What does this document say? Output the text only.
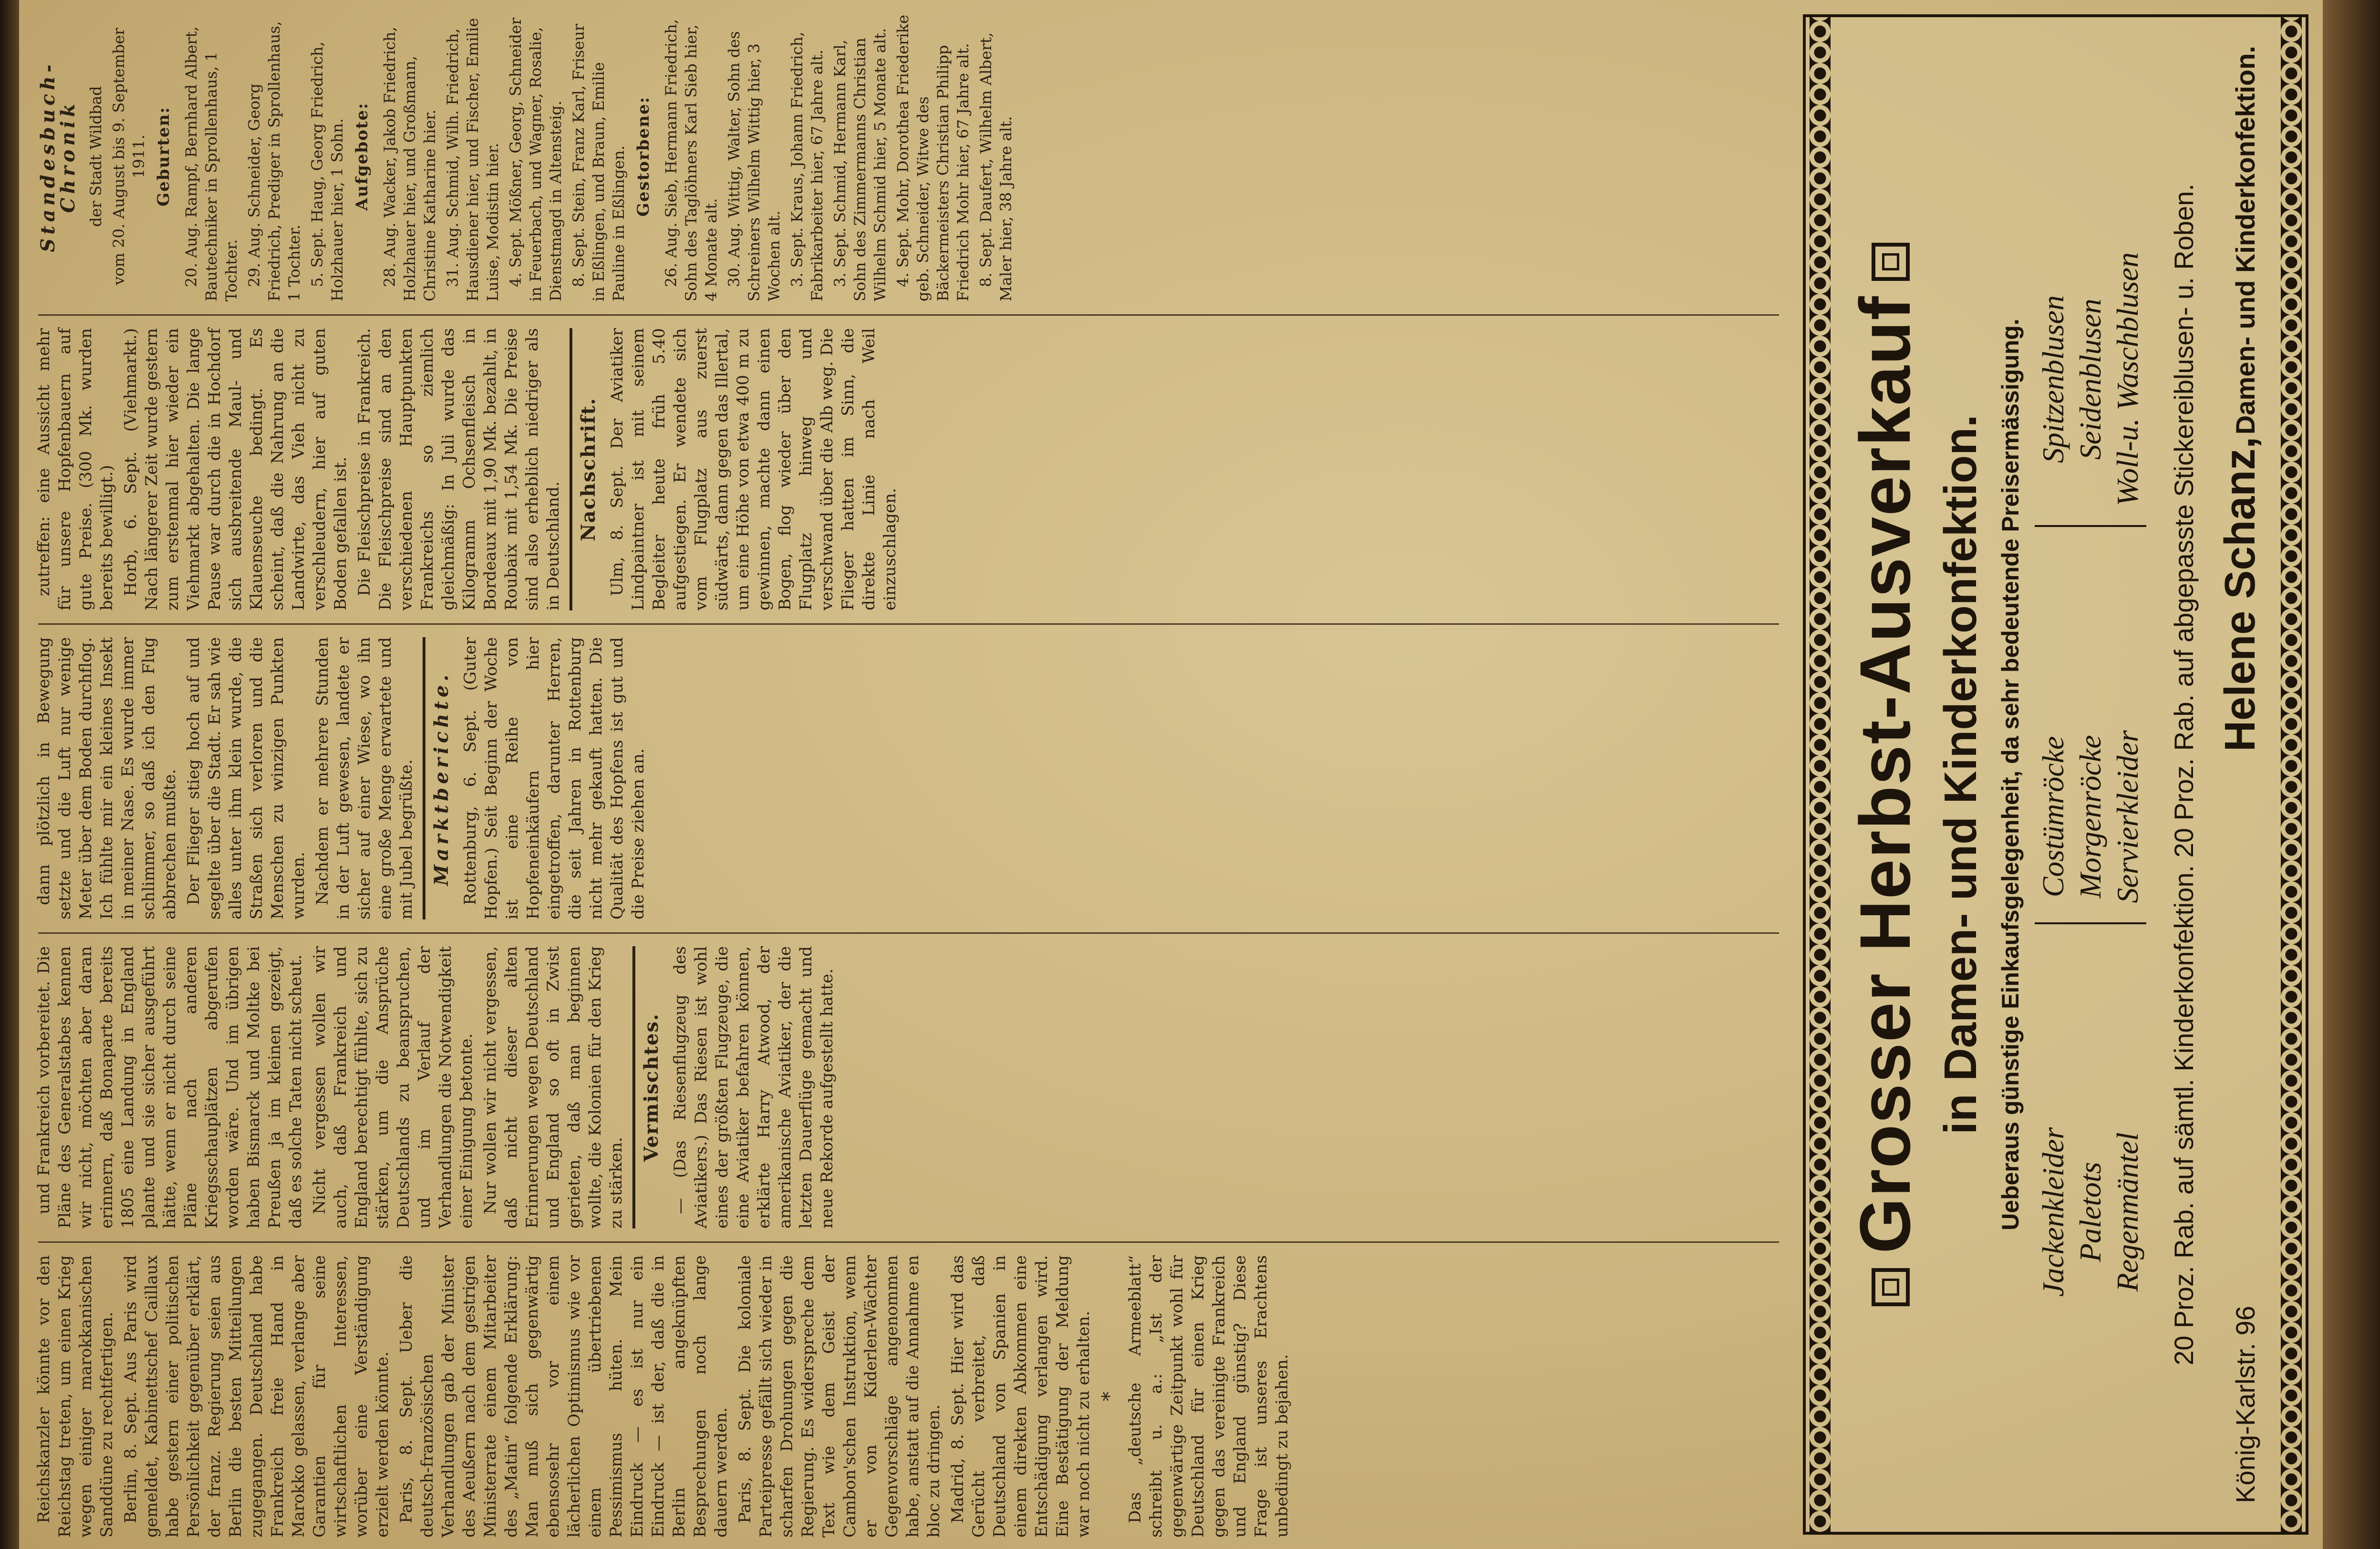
Reichskanzler könnte vor den Reichstag treten, um einen Krieg wegen einiger marokkanischen Sanddüne zu rechtfertigen. Berlin, 8. Sept. Aus Paris wird gemeldet, Kabinettschef Caillaux habe gestern einer politischen Persönlichkeit gegenüber erklärt, der franz. Regierung seien aus Berlin die besten Mitteilungen zugegangen. Deutschland habe Frankreich freie Hand in Marokko gelassen, verlange aber Garantien für seine wirtschaftlichen Interessen, worüber eine Verständigung erzielt werden könnte. Paris, 8. Sept. Ueber die deutsch-französischen Verhandlungen gab der Minister des Aeußern nach dem gestrigen Ministerrate einem Mitarbeiter des „Matin“ folgende Erklärung: Man muß sich gegenwärtig ebensosehr vor einem lächerlichen Optimismus wie vor einem übertriebenen Pessimismus hüten. Mein Eindruck — es ist nur ein Eindruck — ist der, daß die in Berlin angeknüpften Besprechungen noch lange dauern werden. Paris, 8. Sept. Die koloniale Parteipresse gefällt sich wieder in scharfen Drohungen gegen die Regierung. Es widerspreche dem Text wie dem Geist der Cambon'schen Instruktion, wenn er von Kiderlen-Wächter Gegenvorschläge angenommen habe, anstatt auf die Annahme en bloc zu dringen. Madrid, 8. Sept. Hier wird das Gerücht verbreitet, daß Deutschland von Spanien in einem direkten Abkommen eine Entschädigung verlangen wird. Eine Bestätigung der Meldung war noch nicht zu erhalten. * Das „deutsche Armeeblatt“ schreibt u. a.: „Ist der gegenwärtige Zeitpunkt wohl für Deutschland für einen Krieg gegen das vereinigte Frankreich und England günstig? Diese Frage ist unseres Erachtens unbedingt zu bejahen.

und Frankreich vorbereitet. Die Pläne des Generalstabes kennen wir nicht, möchten aber daran erinnern, daß Bonaparte bereits 1805 eine Landung in England plante und sie sicher ausgeführt hätte, wenn er nicht durch seine Pläne nach anderen Kriegsschauplätzen abgerufen worden wäre. Und im übrigen haben Bismarck und Moltke bei Preußen ja im kleinen gezeigt, daß es solche Taten nicht scheut. Nicht vergessen wollen wir auch, daß Frankreich und England berechtigt fühlte, sich zu stärken, um die Ansprüche Deutschlands zu beanspruchen, und im Verlauf der Verhandlungen die Notwendigkeit einer Einigung betonte. Nur wollen wir nicht vergessen, daß nicht dieser alten Erinnerungen wegen Deutschland und England so oft in Zwist gerieten, daß man beginnen wollte, die Kolonien für den Krieg zu stärken.

Vermischtes. — (Das Riesenflugzeug des Aviatikers.) Das Riesen ist wohl eines der größten Flugzeuge, die eine Aviatiker befahren können, erklärte Harry Atwood, der amerikanische Aviatiker, der die letzten Dauerflüge gemacht und neue Rekorde aufgestellt hatte.

dann plötzlich in Bewegung setzte und die Luft nur wenige Meter über dem Boden durchflog. Ich fühlte mir ein kleines Insekt in meiner Nase. Es wurde immer schlimmer, so daß ich den Flug abbrechen mußte. Der Flieger stieg hoch auf und segelte über die Stadt. Er sah wie alles unter ihm klein wurde, die Straßen sich verloren und die Menschen zu winzigen Punkten wurden. Nachdem er mehrere Stunden in der Luft gewesen, landete er sicher auf einer Wiese, wo ihn eine große Menge erwartete und mit Jubel begrüßte. Marktberichte. Rottenburg, 6. Sept. (Guter Hopfen.) Seit Beginn der Woche ist eine Reihe von Hopfeneinkäufern hier eingetroffen, darunter Herren, die seit Jahren in Rottenburg nicht mehr gekauft hatten. Die Qualität des Hopfens ist gut und die Preise ziehen an.

zutreffen: eine Aussicht mehr für unsere Hopfenbauern auf gute Preise. (300 Mk. wurden bereits bewilligt.) Horb, 6. Sept. (Viehmarkt.) Nach längerer Zeit wurde gestern zum erstenmal hier wieder ein Viehmarkt abgehalten. Die lange Pause war durch die in Hochdorf sich ausbreitende Maul- und Klauenseuche bedingt. Es scheint, daß die Nahrung an die Landwirte, das Vieh nicht zu verschleudern, hier auf guten Boden gefallen ist. Die Fleischpreise in Frankreich. Die Fleischpreise sind an den verschiedenen Hauptpunkten Frankreichs so ziemlich gleichmäßig: In Juli wurde das Kilogramm Ochsenfleisch in Bordeaux mit 1,90 Mk. bezahlt, in Roubaix mit 1,54 Mk. Die Preise sind also erheblich niedriger als in Deutschland.

Nachschrift. Ulm, 8. Sept. Der Aviatiker Lindpaintner ist mit seinem Begleiter heute früh 5.40 aufgestiegen. Er wendete sich vom Flugplatz aus zuerst südwärts, dann gegen das Illertal, um eine Höhe von etwa 400 m zu gewinnen, machte dann einen Bogen, flog wieder über den Flugplatz hinweg und verschwand über die Alb weg. Die Flieger hatten im Sinn, die direkte Linie nach Weil einzuschlagen.

Standesbuch-Chronik der Stadt Wildbad vom 20. August bis 9. September 1911. Geburten: 20. Aug. Rampf, Bernhard Albert, Bautechniker in Sprollenhaus, 1 Tochter. 29. Aug. Schneider, Georg Friedrich, Prediger in Sprollenhaus, 1 Tochter. 5. Sept. Haug, Georg Friedrich, Holzhauer hier, 1 Sohn. Aufgebote: 28. Aug. Wacker, Jakob Friedrich, Holzhauer hier, und Großmann, Christine Katharine hier. 31. Aug. Schmid, Wilh. Friedrich, Hausdiener hier, und Fischer, Emilie Luise, Modistin hier. 4. Sept. Mößner, Georg, Schneider in Feuerbach, und Wagner, Rosalie, Dienstmagd in Altensteig. 8. Sept. Stein, Franz Karl, Friseur in Eßlingen, und Braun, Emilie Pauline in Eßlingen. Gestorbene: 26. Aug. Sieb, Hermann Friedrich, Sohn des Taglöhners Karl Sieb hier, 4 Monate alt. 30. Aug. Wittig, Walter, Sohn des Schreiners Wilhelm Wittig hier, 3 Wochen alt. 3. Sept. Kraus, Johann Friedrich, Fabrikarbeiter hier, 67 Jahre alt. 3. Sept. Schmid, Hermann Karl, Sohn des Zimmermanns Christian Wilhelm Schmid hier, 5 Monate alt. 4. Sept. Mohr, Dorothea Friederike geb. Schneider, Witwe des Bäckermeisters Christian Philipp Friedrich Mohr hier, 67 Jahre alt. 8. Sept. Daufert, Wilhelm Albert, Maler hier, 38 Jahre alt.

Grosser Herbst-Ausverkauf in Damen- und Kinderkonfektion. Ueberaus günstige Einkaufsgelegenheit, da sehr bedeutende Preisermässigung. Jackenkleider Paletots Regenmäntel
Costümröcke Morgenröcke Servierkleider
Spitzenblusen Seidenblusen Woll-u. Waschblusen 20 Proz. Rab. auf sämtl. Kinderkonfektion. 20 Proz. Rab. auf abgepasste Stickereiblusen- u. Roben.
König-Karlstr. 96
Helene Schanz, Damen- und Kinderkonfektion.
